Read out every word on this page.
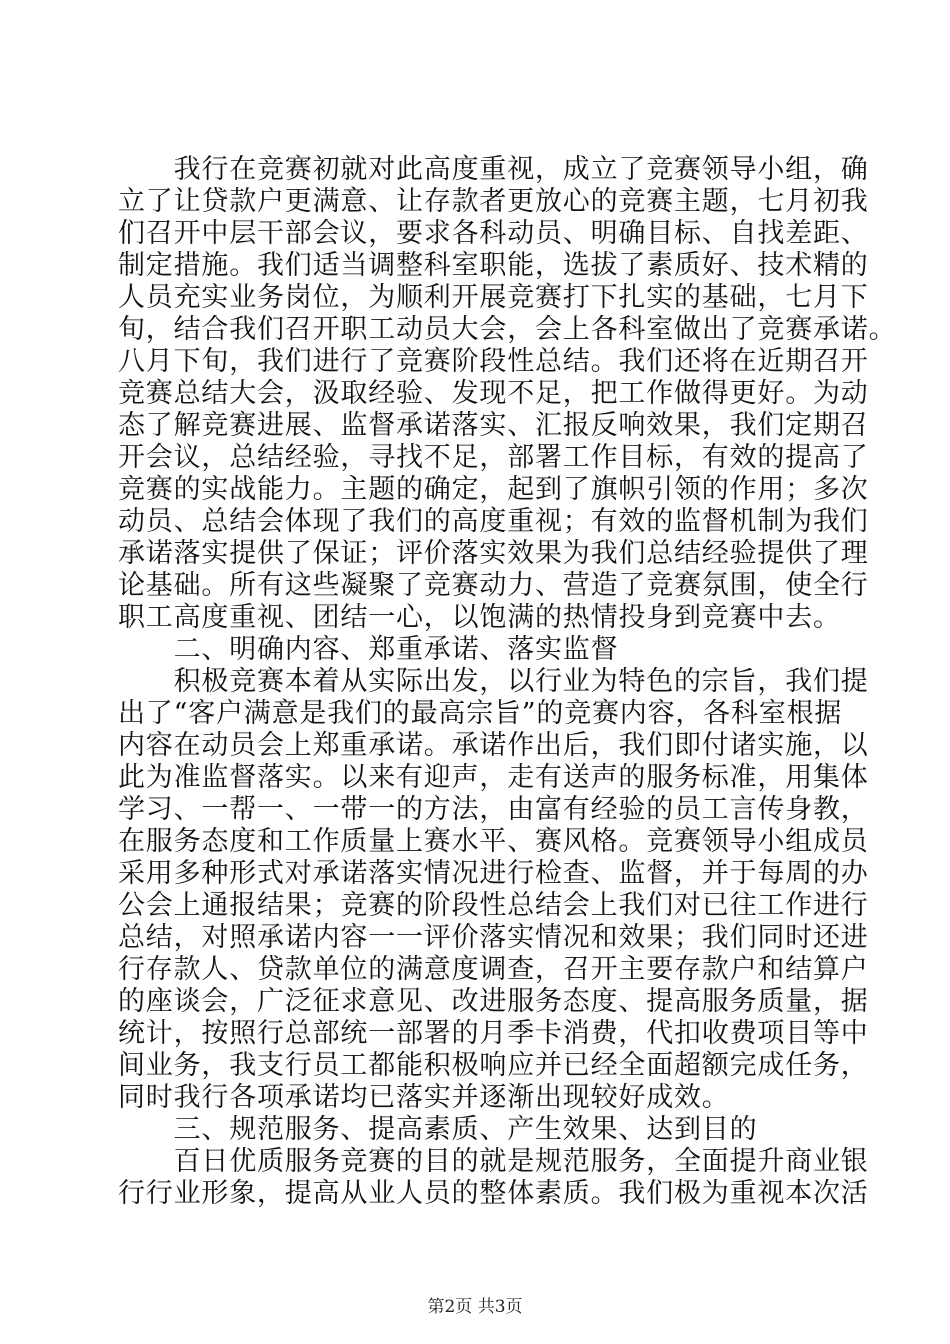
　　我行在竞赛初就对此高度重视，成立了竞赛领导小组，确
立了让贷款户更满意、让存款者更放心的竞赛主题，七月初我
们召开中层干部会议，要求各科动员、明确目标、自找差距、
制定措施。我们适当调整科室职能，选拔了素质好、技术精的
人员充实业务岗位，为顺利开展竞赛打下扎实的基础，七月下
旬，结合我们召开职工动员大会，会上各科室做出了竞赛承诺。
八月下旬，我们进行了竞赛阶段性总结。我们还将在近期召开
竞赛总结大会，汲取经验、发现不足，把工作做得更好。为动
态了解竞赛进展、监督承诺落实、汇报反响效果，我们定期召
开会议，总结经验，寻找不足，部署工作目标，有效的提高了
竞赛的实战能力。主题的确定，起到了旗帜引领的作用；多次
动员、总结会体现了我们的高度重视；有效的监督机制为我们
承诺落实提供了保证；评价落实效果为我们总结经验提供了理
论基础。所有这些凝聚了竞赛动力、营造了竞赛氛围，使全行
职工高度重视、团结一心，以饱满的热情投身到竞赛中去。
　　二、明确内容、郑重承诺、落实监督
　　积极竞赛本着从实际出发，以行业为特色的宗旨，我们提
出了“客户满意是我们的最高宗旨”的竞赛内容，各科室根据
内容在动员会上郑重承诺。承诺作出后，我们即付诸实施，以
此为准监督落实。以来有迎声，走有送声的服务标准，用集体
学习、一帮一、一带一的方法，由富有经验的员工言传身教，
在服务态度和工作质量上赛水平、赛风格。竞赛领导小组成员
采用多种形式对承诺落实情况进行检查、监督，并于每周的办
公会上通报结果；竞赛的阶段性总结会上我们对已往工作进行
总结，对照承诺内容一一评价落实情况和效果；我们同时还进
行存款人、贷款单位的满意度调查，召开主要存款户和结算户
的座谈会，广泛征求意见、改进服务态度、提高服务质量，据
统计，按照行总部统一部署的月季卡消费，代扣收费项目等中
间业务，我支行员工都能积极响应并已经全面超额完成任务，
同时我行各项承诺均已落实并逐渐出现较好成效。
　　三、规范服务、提高素质、产生效果、达到目的
　　百日优质服务竞赛的目的就是规范服务，全面提升商业银
行行业形象，提高从业人员的整体素质。我们极为重视本次活
第2页 共3页
